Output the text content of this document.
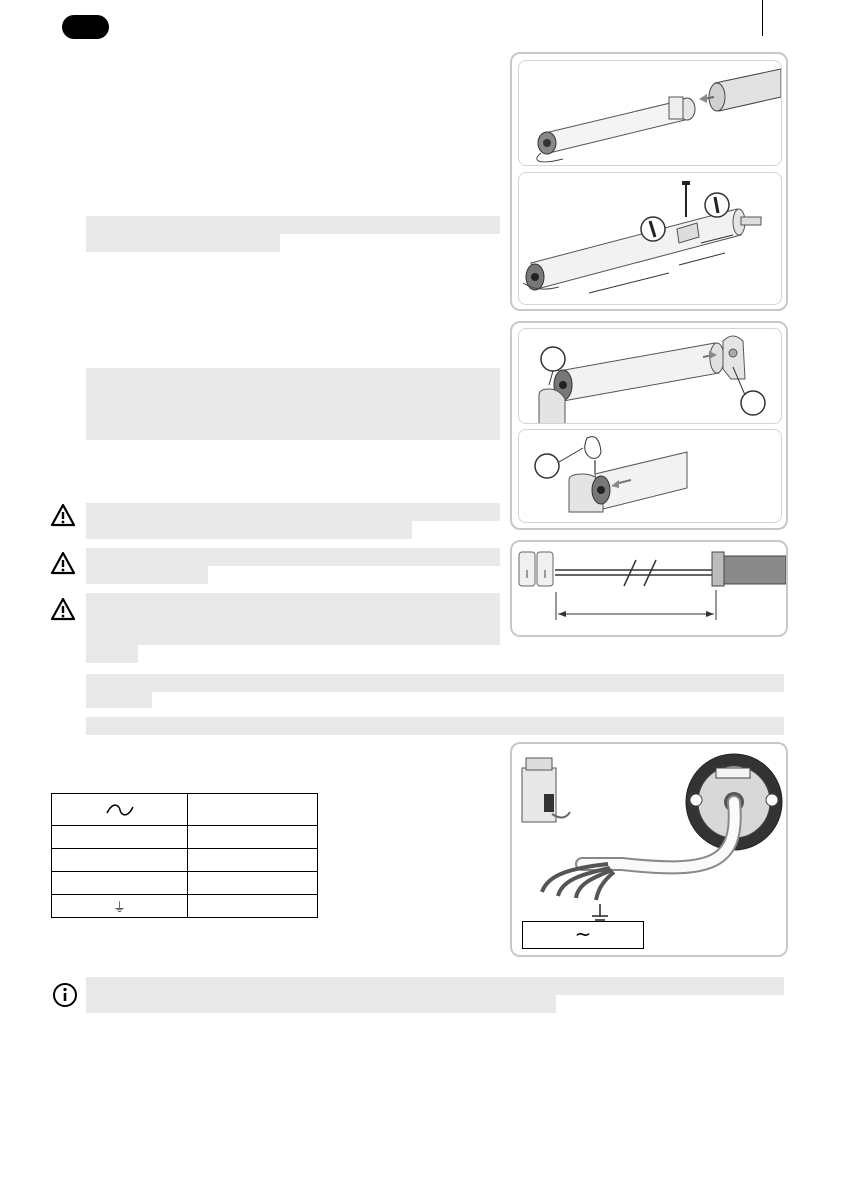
~

⏚	
